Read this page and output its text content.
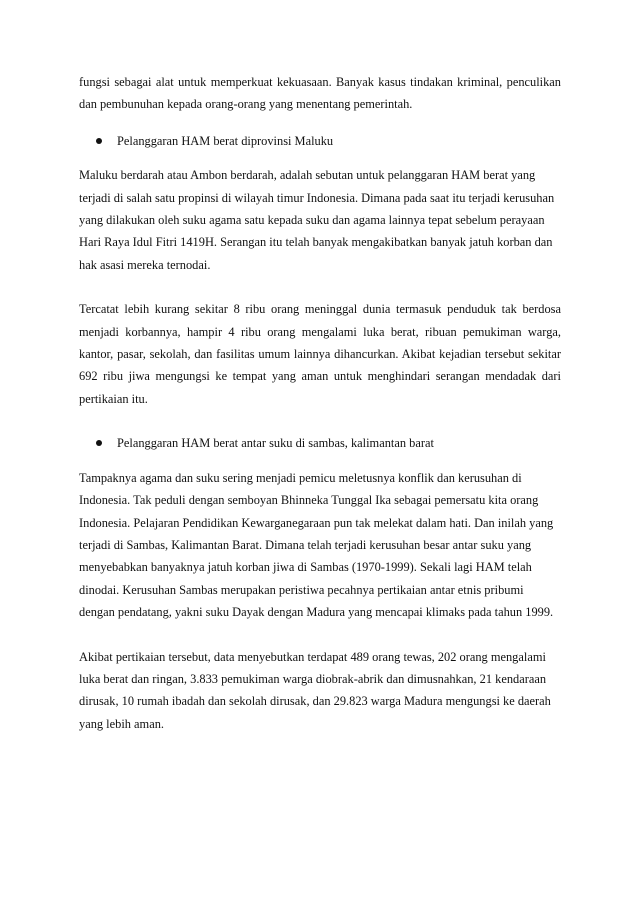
fungsi sebagai alat untuk memperkuat kekuasaan. Banyak kasus tindakan kriminal, penculikan dan pembunuhan kepada orang-orang yang menentang pemerintah.

Pelanggaran HAM berat diprovinsi Maluku

Maluku berdarah atau Ambon berdarah, adalah sebutan untuk pelanggaran HAM berat yang terjadi di salah satu propinsi di wilayah timur Indonesia. Dimana pada saat itu terjadi kerusuhan yang dilakukan oleh suku agama satu kepada suku dan agama lainnya tepat sebelum perayaan Hari Raya Idul Fitri 1419H. Serangan itu telah banyak mengakibatkan banyak jatuh korban dan hak asasi mereka ternodai.

Tercatat lebih kurang sekitar 8 ribu orang meninggal dunia termasuk penduduk tak berdosa menjadi korbannya, hampir 4 ribu orang mengalami luka berat, ribuan pemukiman warga, kantor, pasar, sekolah, dan fasilitas umum lainnya dihancurkan. Akibat kejadian tersebut sekitar 692 ribu jiwa mengungsi ke tempat yang aman untuk menghindari serangan mendadak dari pertikaian itu.

Pelanggaran HAM berat antar suku di sambas, kalimantan barat

Tampaknya agama dan suku sering menjadi pemicu meletusnya konflik dan kerusuhan di Indonesia. Tak peduli dengan semboyan Bhinneka Tunggal Ika sebagai pemersatu kita orang Indonesia. Pelajaran Pendidikan Kewarganegaraan pun tak melekat dalam hati. Dan inilah yang terjadi di Sambas, Kalimantan Barat. Dimana telah terjadi kerusuhan besar antar suku yang menyebabkan banyaknya jatuh korban jiwa di Sambas (1970-1999). Sekali lagi HAM telah dinodai. Kerusuhan Sambas merupakan peristiwa pecahnya pertikaian antar etnis pribumi dengan pendatang, yakni suku Dayak dengan Madura yang mencapai klimaks pada tahun 1999.

Akibat pertikaian tersebut, data menyebutkan terdapat 489 orang tewas, 202 orang mengalami luka berat dan ringan, 3.833 pemukiman warga diobrak-abrik dan dimusnahkan, 21 kendaraan dirusak, 10 rumah ibadah dan sekolah dirusak, dan 29.823 warga Madura mengungsi ke daerah yang lebih aman.
